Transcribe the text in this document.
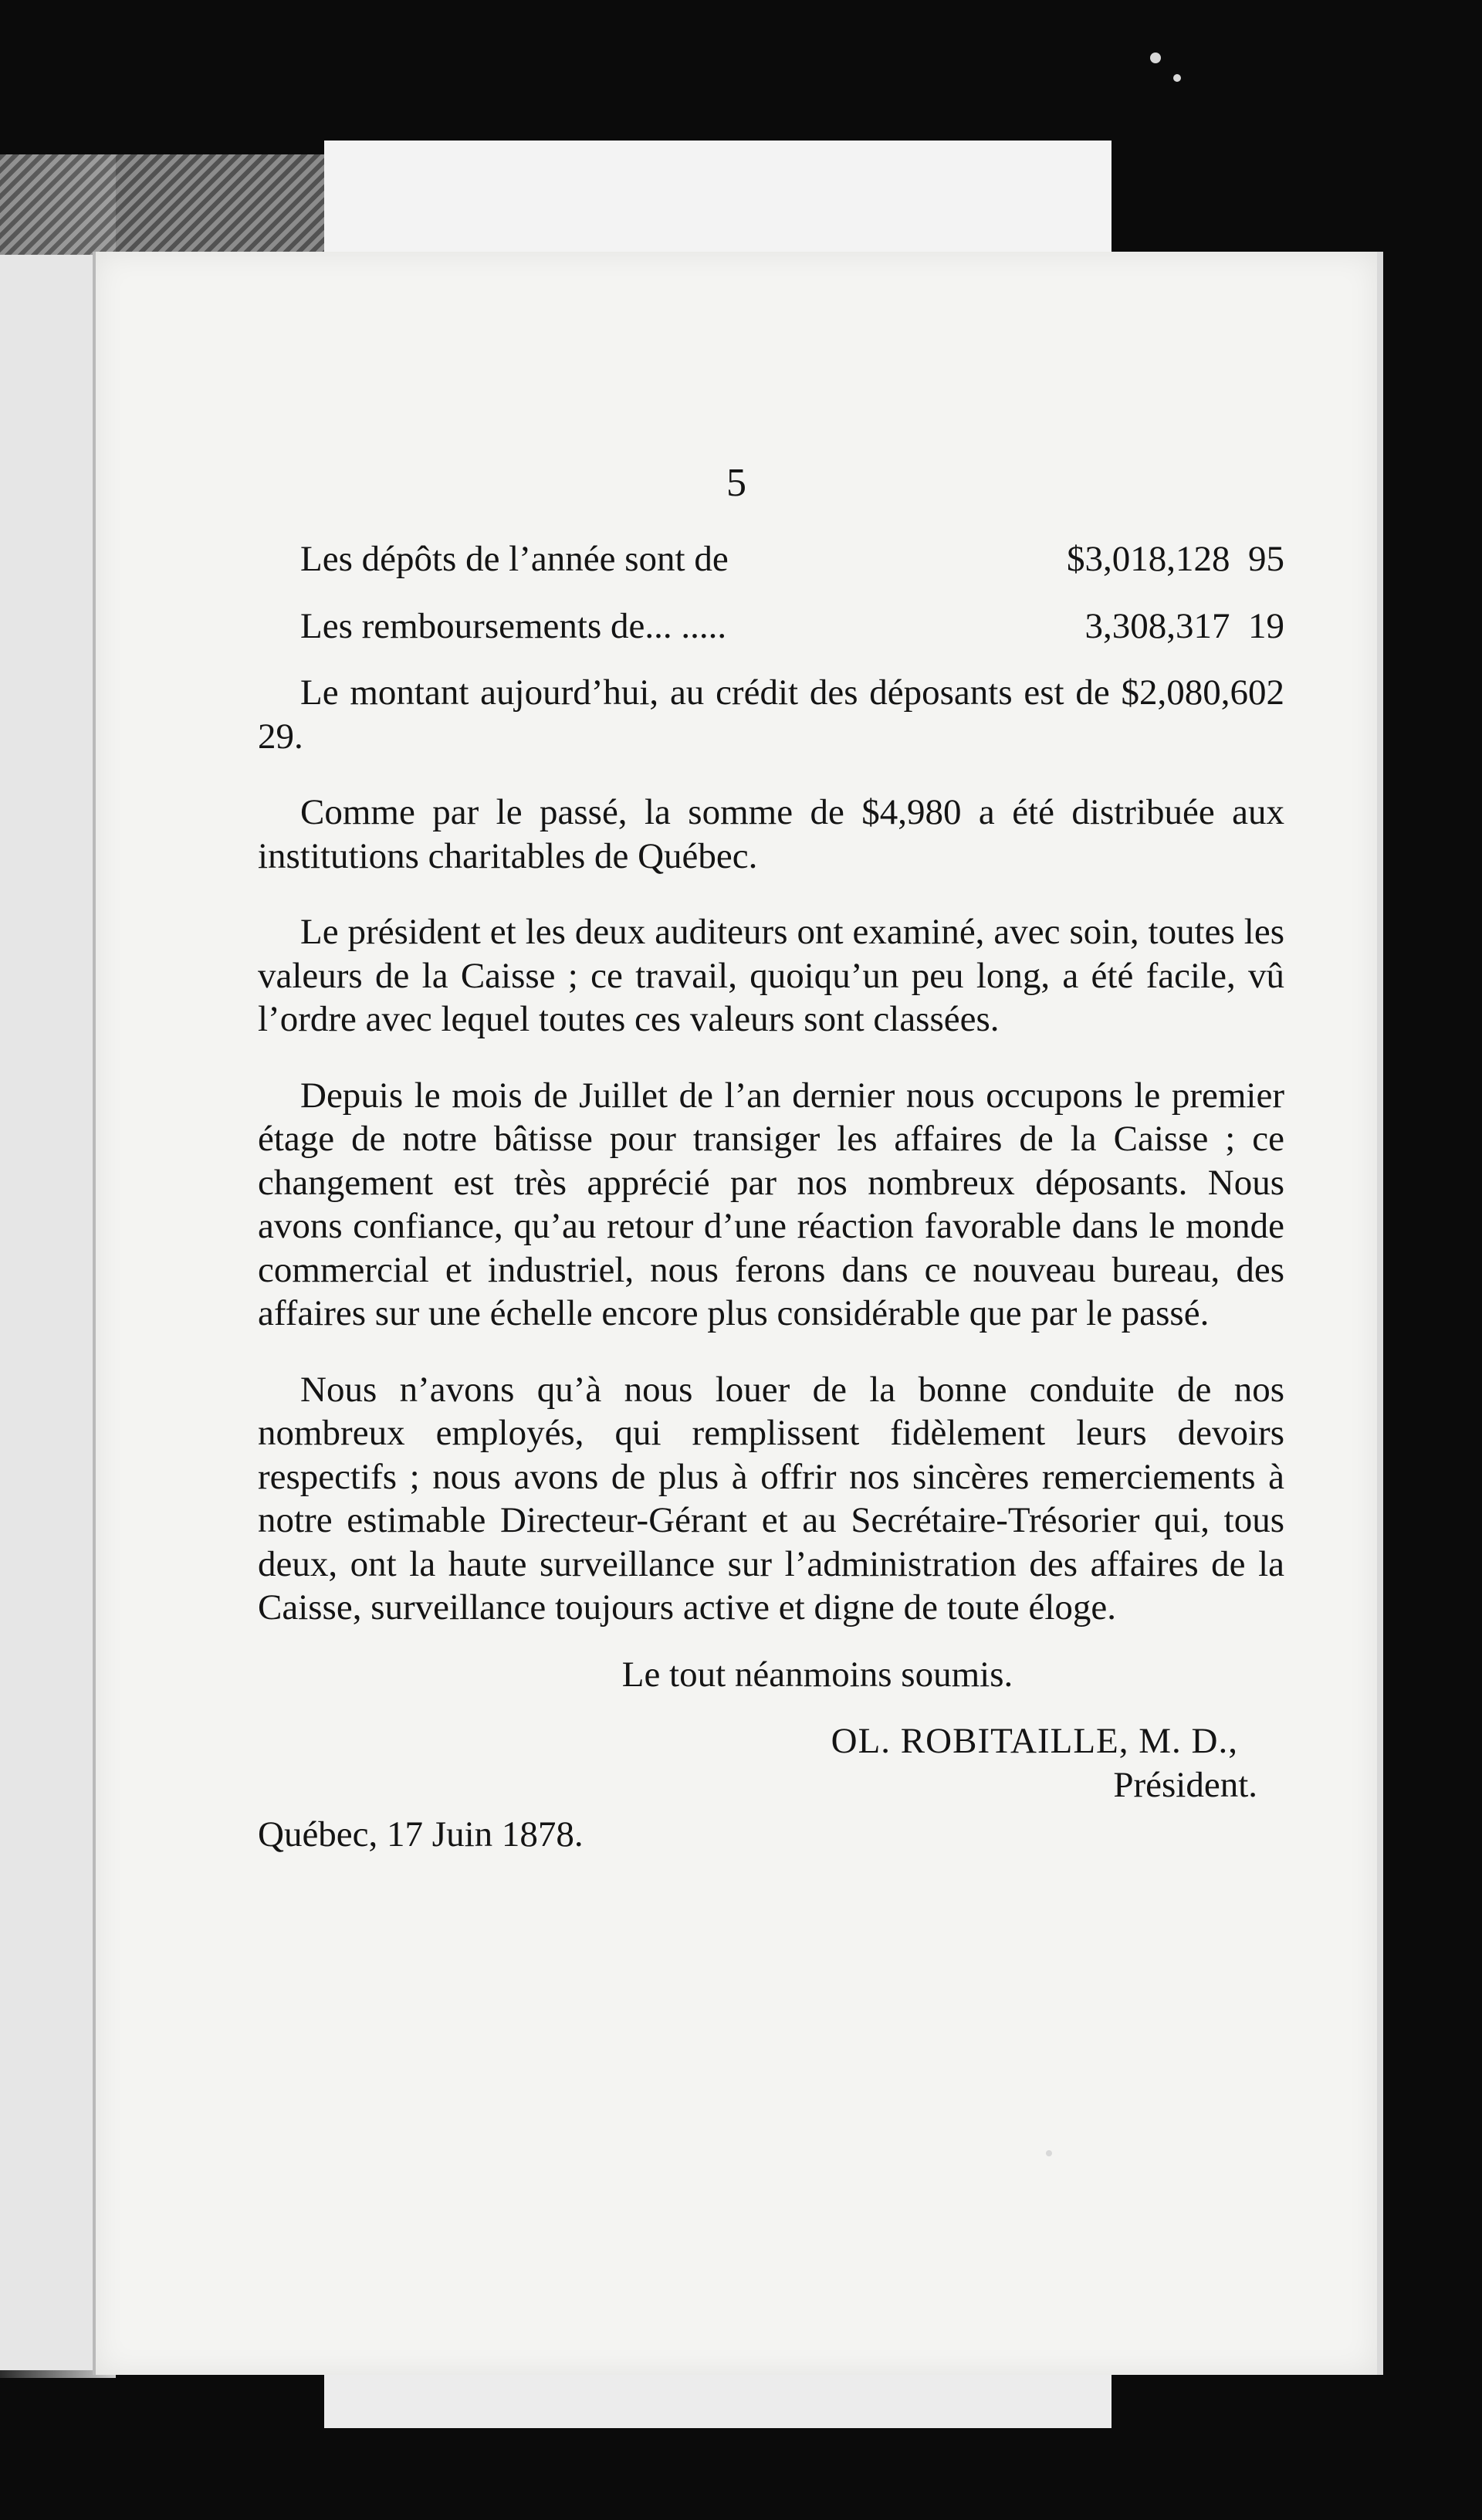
5
Les dépôts de l’année sont de	$3,018,128  95
Les remboursements de... .....	3,308,317  19

Le montant aujourd’hui, au crédit des déposants est de $2,080,602 29.

Comme par le passé, la somme de $4,980 a été distribuée aux institutions charitables de Québec.

Le président et les deux auditeurs ont examiné, avec soin, toutes les valeurs de la Caisse ; ce travail, quoiqu’un peu long, a été facile, vû l’ordre avec lequel toutes ces valeurs sont classées.

Depuis le mois de Juillet de l’an dernier nous occupons le premier étage de notre bâtisse pour transiger les affaires de la Caisse ; ce changement est très apprécié par nos nombreux déposants. Nous avons confiance, qu’au retour d’une réaction favorable dans le monde commercial et industriel, nous ferons dans ce nouveau bureau, des affaires sur une échelle encore plus considérable que par le passé.

Nous n’avons qu’à nous louer de la bonne conduite de nos nombreux employés, qui remplissent fidèlement leurs devoirs respectifs ; nous avons de plus à offrir nos sincères remerciements à notre estimable Directeur-Gérant et au Secrétaire-Trésorier qui, tous deux, ont la haute surveillance sur l’administration des affaires de la Caisse, surveillance toujours active et digne de toute éloge.

Le tout néanmoins soumis.
OL. ROBITAILLE, M. D.,
Président.
Québec, 17 Juin 1878.
